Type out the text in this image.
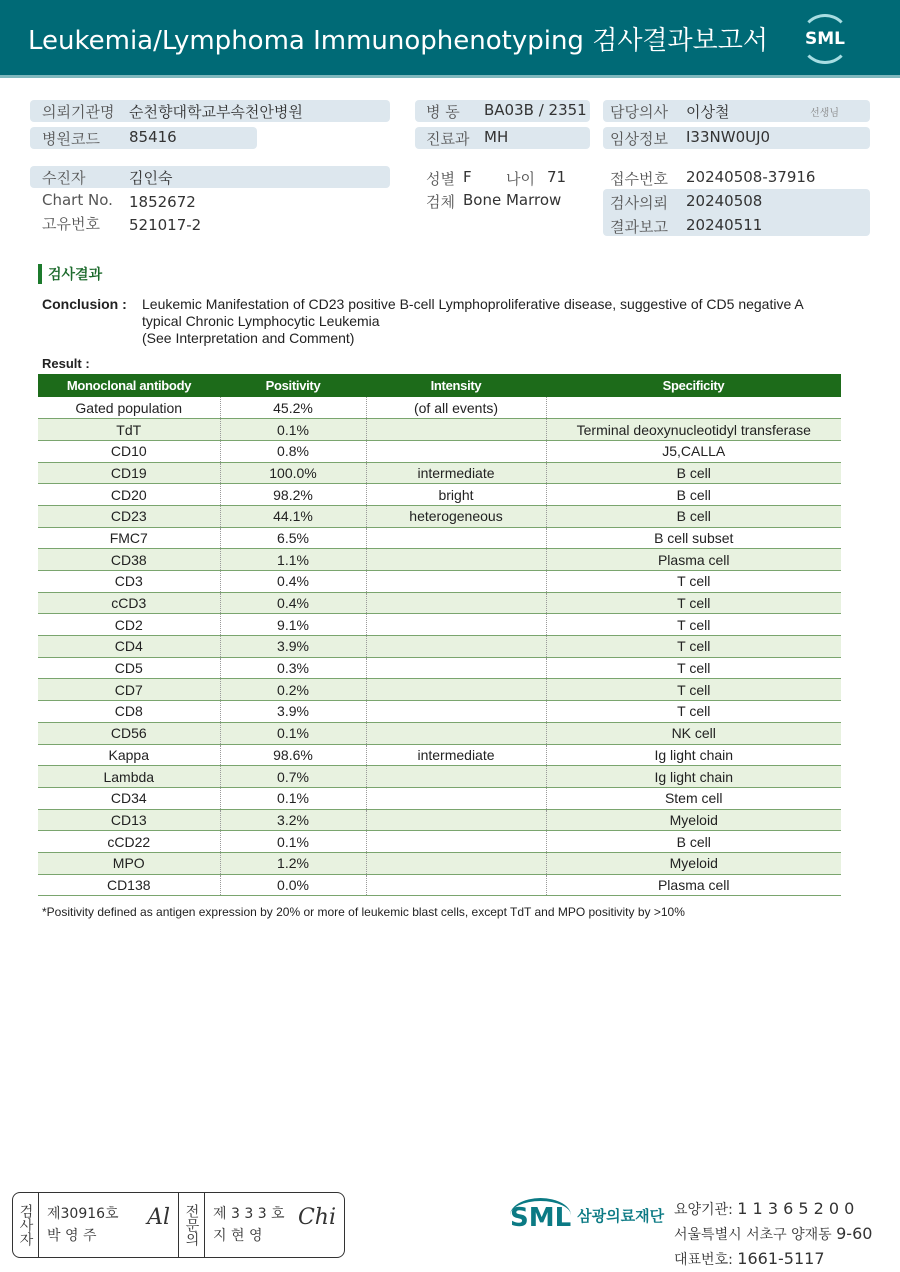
Leukemia/Lymphoma Immunophenotyping 검사결과보고서 SML
의뢰기관명 순천향대학교부속천안병원
병원코드 85416
병 동 BA03B / 2351
진료과 MH
담당의사 이상철	선생님
임상정보 I33NW0UJ0
수진자	김인숙
Chart No. 1852672
고유번호 521017-2
성별 F 나이 71
검체 Bone Marrow
접수번호 20240508-37916
검사의뢰 20240508
결과보고 20240511
검사결과
Conclusion : Leukemic Manifestation of CD23 positive B-cell Lymphoproliferative disease, suggestive of CD5 negative A typical Chronic Lymphocytic Leukemia
(See Interpretation and Comment)
Result :
Monoclonal antibody	Positivity	Intensity	Specificity
Gated population	45.2%	(of all events)	
TdT	0.1%		Terminal deoxynucleotidyl transferase
CD10	0.8%		J5,CALLA
CD19	100.0%	intermediate	B cell
CD20	98.2%	bright	B cell
CD23	44.1%	heterogeneous	B cell
FMC7	6.5%		B cell subset
CD38	1.1%		Plasma cell
CD3	0.4%		T cell
cCD3	0.4%		T cell
CD2	9.1%		T cell
CD4	3.9%		T cell
CD5	0.3%		T cell
CD7	0.2%		T cell
CD8	3.9%		T cell
CD56	0.1%		NK cell
Kappa	98.6%	intermediate	Ig light chain
Lambda	0.7%		Ig light chain
CD34	0.1%		Stem cell
CD13	3.2%		Myeloid
cCD22	0.1%		B cell
MPO	1.2%		Myeloid
CD138	0.0%		Plasma cell
*Positivity defined as antigen expression by 20% or more of leukemic blast cells, except TdT and MPO positivity by >10%
검사자 제30916호
박 영 주
Al 전문의 제 3 3 3 호
지 현 영
Chi	SML 삼광의료재단 요양기관: 1 1 3 6 5 2 0 0
서울특별시 서초구 양재동 9-60
대표번호: 1661-5117
